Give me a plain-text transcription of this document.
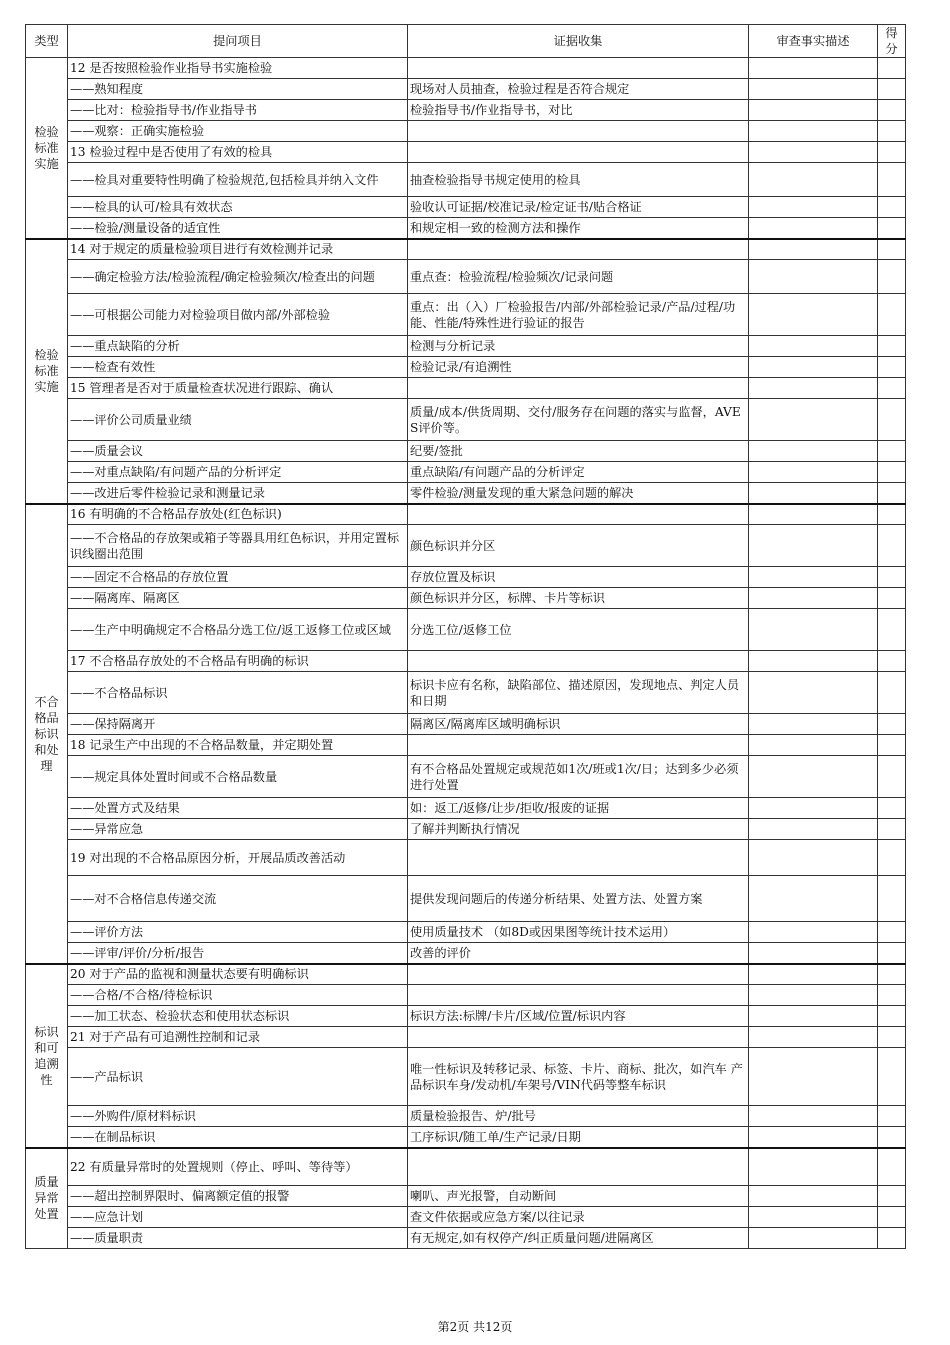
类型	提问项目	证据收集	审查事实描述	得分
检验标准实施	12 是否按照检验作业指导书实施检验			
	——熟知程度	现场对人员抽查，检验过程是否符合规定		
	——比对：检验指导书/作业指导书	检验指导书/作业指导书，对比		
	——观察：正确实施检验			
	13 检验过程中是否使用了有效的检具			
	——检具对重要特性明确了检验规范,包括检具并纳入文件	抽查检验指导书规定使用的检具		
	——检具的认可/检具有效状态	验收认可证据/校准记录/检定证书/贴合格证		
	——检验/测量设备的适宜性	和规定相一致的检测方法和操作		
检验标准实施	14 对于规定的质量检验项目进行有效检测并记录			
	——确定检验方法/检验流程/确定检验频次/检查出的问题	重点查：检验流程/检验频次/记录问题		
	——可根据公司能力对检验项目做内部/外部检验	重点：出（入）厂检验报告/内部/外部检验记录/产品/过程/功能、性能/特殊性进行验证的报告		
	——重点缺陷的分析	检测与分析记录		
	——检查有效性	检验记录/有追溯性		
	15 管理者是否对于质量检查状况进行跟踪、确认			
	——评价公司质量业绩	质量/成本/供货周期、交付/服务存在问题的落实与监督，AVES评价等。		
	——质量会议	纪要/签批		
	——对重点缺陷/有问题产品的分析评定	重点缺陷/有问题产品的分析评定		
	——改进后零件检验记录和测量记录	零件检验/测量发现的重大紧急问题的解决		
不合格品标识和处理	16 有明确的不合格品存放处(红色标识)			
	——不合格品的存放架或箱子等器具用红色标识，并用定置标识线圈出范围	颜色标识并分区		
	——固定不合格品的存放位置	存放位置及标识		
	——隔离库、隔离区	颜色标识并分区，标牌、卡片等标识		
	——生产中明确规定不合格品分选工位/返工返修工位或区域	分选工位/返修工位		
	17 不合格品存放处的不合格品有明确的标识			
	——不合格品标识	标识卡应有名称，缺陷部位、描述原因，发现地点、判定人员和日期		
	——保持隔离开	隔离区/隔离库区域明确标识		
	18 记录生产中出现的不合格品数量，并定期处置			
	——规定具体处置时间或不合格品数量	有不合格品处置规定或规范如1次/班或1次/日；达到多少必须进行处置		
	——处置方式及结果	如：返工/返修/让步/拒收/报废的证据		
	——异常应急	了解并判断执行情况		
	19 对出现的不合格品原因分析，开展品质改善活动			
	——对不合格信息传递交流	提供发现问题后的传递分析结果、处置方法、处置方案		
	——评价方法	使用质量技术 （如8D或因果图等统计技术运用）		
	——评审/评价/分析/报告	改善的评价		
标识和可追溯性	20 对于产品的监视和测量状态要有明确标识			
	——合格/不合格/待检标识			
	——加工状态、检验状态和使用状态标识	标识方法:标牌/卡片/区域/位置/标识内容		
	21 对于产品有可追溯性控制和记录			
	——产品标识	唯一性标识及转移记录、标签、卡片、商标、批次，如汽车 产品标识车身/发动机/车架号/VIN代码等整车标识		
	——外购件/原材料标识	质量检验报告、炉/批号		
	——在制品标识	工序标识/随工单/生产记录/日期		
质量异常处置	22 有质量异常时的处置规则（停止、呼叫、等待等）			
	——超出控制界限时、偏离额定值的报警	喇叭、声光报警，自动断间		
	——应急计划	查文件依据或应急方案/以往记录		
	——质量职责	有无规定,如有权停产/纠正质量问题/进隔离区		
第2页 共12页
